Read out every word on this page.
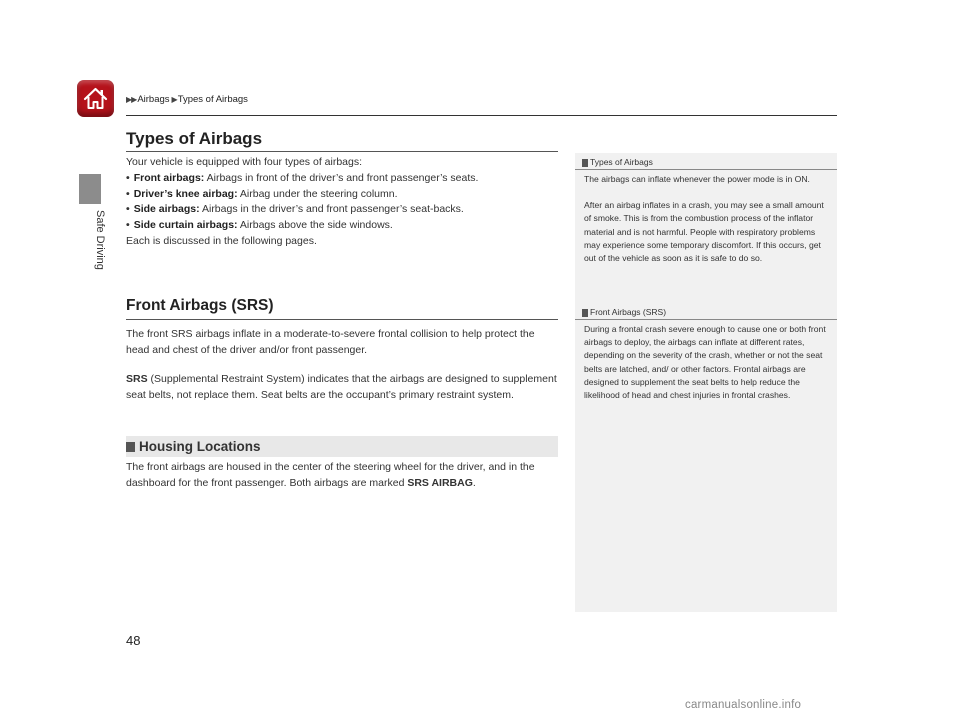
Safe Driving
▶▶ Airbags ▶ Types of Airbags
Types of Airbags

Your vehicle is equipped with four types of airbags:

• Front airbags: Airbags in front of the driver’s and front passenger’s seats.

• Driver’s knee airbag: Airbag under the steering column.

• Side airbags: Airbags in the driver’s and front passenger’s seat-backs.

• Side curtain airbags: Airbags above the side windows.

Each is discussed in the following pages.

Front Airbags (SRS)

The front SRS airbags inflate in a moderate-to-severe frontal collision to help protect the head and chest of the driver and/or front passenger.

SRS (Supplemental Restraint System) indicates that the airbags are designed to supplement seat belts, not replace them. Seat belts are the occupant’s primary restraint system.

Housing Locations

The front airbags are housed in the center of the steering wheel for the driver, and in the dashboard for the front passenger. Both airbags are marked SRS AIRBAG.

Types of Airbags

The airbags can inflate whenever the power mode is in ON.

After an airbag inflates in a crash, you may see a small amount of smoke. This is from the combustion process of the inflator material and is not harmful. People with respiratory problems may experience some temporary discomfort. If this occurs, get out of the vehicle as soon as it is safe to do so.

Front Airbags (SRS)

During a frontal crash severe enough to cause one or both front airbags to deploy, the airbags can inflate at different rates, depending on the severity of the crash, whether or not the seat belts are latched, and/ or other factors. Frontal airbags are designed to supplement the seat belts to help reduce the likelihood of head and chest injuries in frontal crashes.

48
carmanualsonline.info
